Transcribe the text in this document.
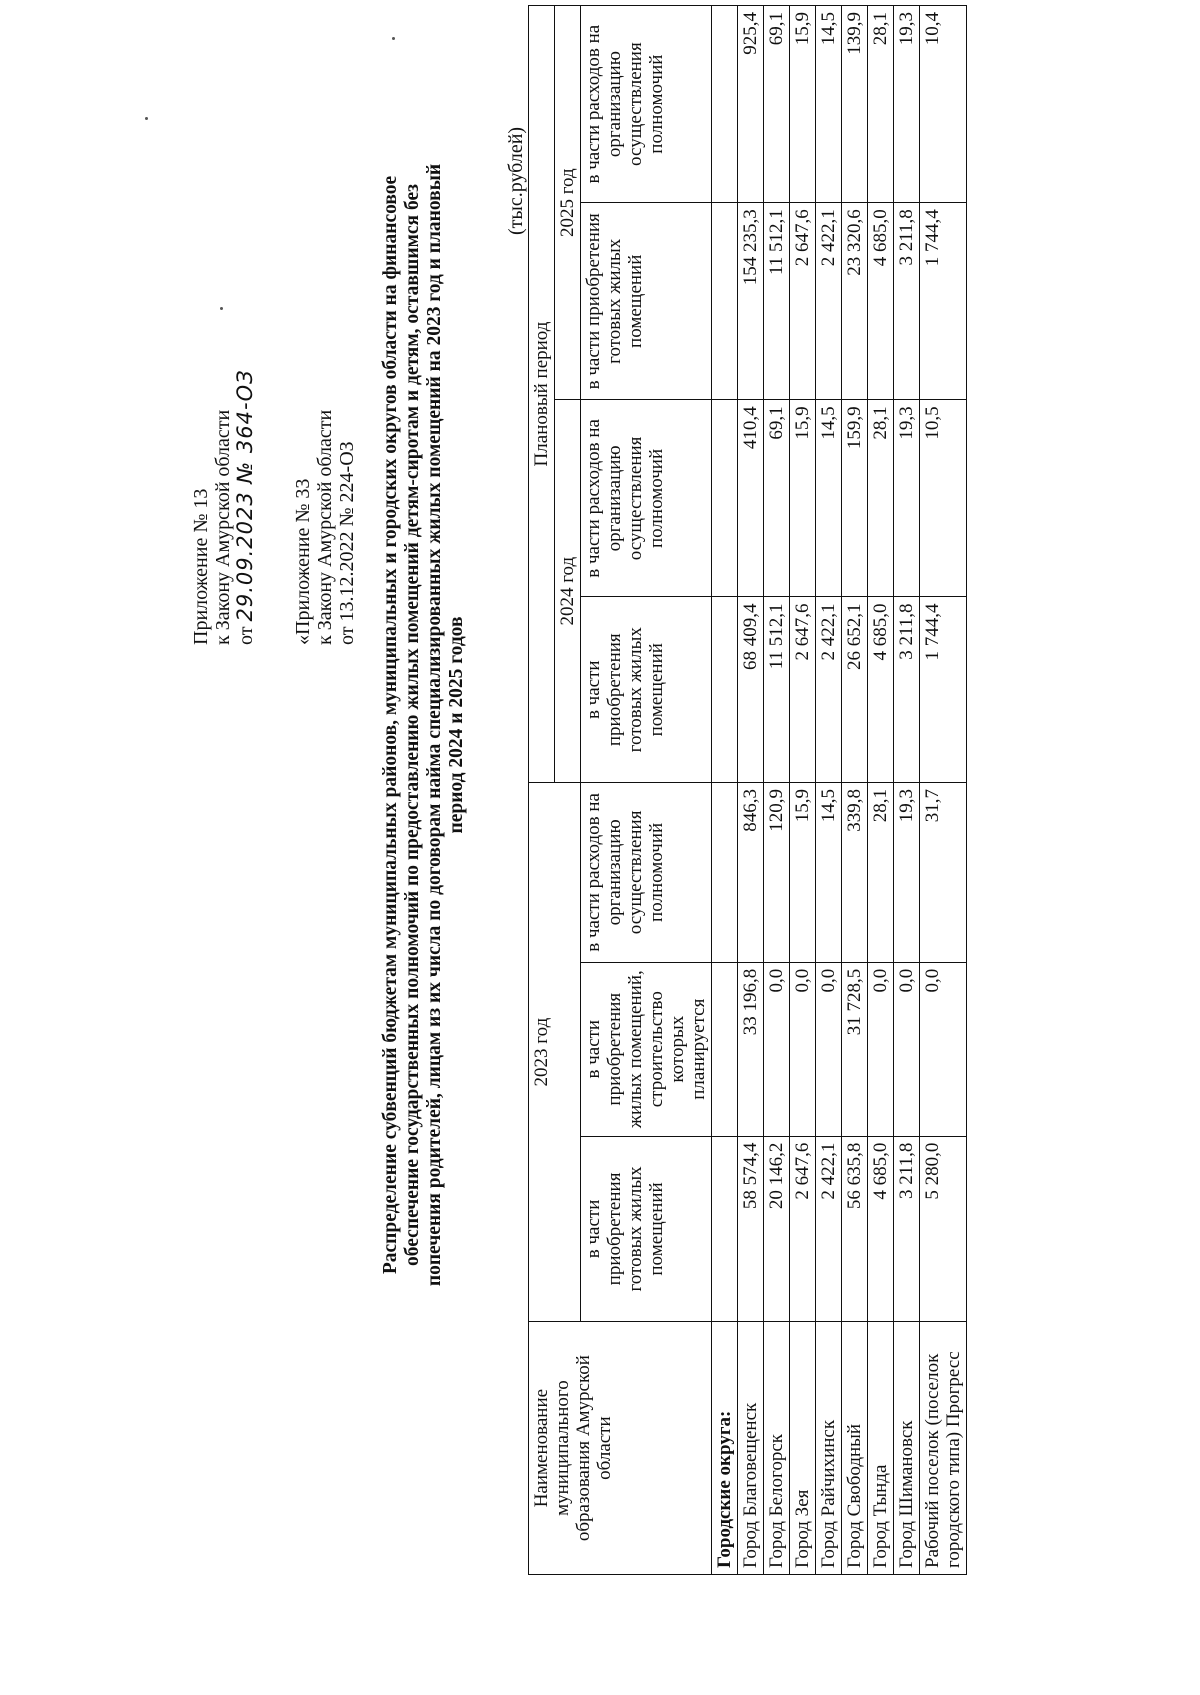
Приложение № 13 к Закону Амурской области от 29.09.2023 № 364-ОЗ «Приложение № 33 к Закону Амурской области от 13.12.2022 № 224-ОЗ Распределение субвенций бюджетам муниципальных районов, муниципальных и городских округов области на финансовое обеспечение государственных полномочий по предоставлению жилых помещений детям-сиротам и детям, оставшимся без попечения родителей, лицам из их числа по договорам найма специализированных жилых помещений на 2023 год и плановый период 2024 и 2025 годов
(тыс.рублей)
Наименование муниципального образования Амурской области	2023 год			Плановый период			
				2024 год		2025 год	
	в части приобретения готовых жилых помещений	в части приобретения жилых помещений, строительство которых планируется	в части расходов на организацию осуществления полномочий	в части приобретения готовых жилых помещений	в части расходов на организацию осуществления полномочий	в части приобретения готовых жилых помещений	в части расходов на организацию осуществления полномочий
Городские округа:							
Город Благовещенск	58 574,4	33 196,8	846,3	68 409,4	410,4	154 235,3	925,4
Город Белогорск	20 146,2	0,0	120,9	11 512,1	69,1	11 512,1	69,1
Город Зея	2 647,6	0,0	15,9	2 647,6	15,9	2 647,6	15,9
Город Райчихинск	2 422,1	0,0	14,5	2 422,1	14,5	2 422,1	14,5
Город Свободный	56 635,8	31 728,5	339,8	26 652,1	159,9	23 320,6	139,9
Город Тында	4 685,0	0,0	28,1	4 685,0	28,1	4 685,0	28,1
Город Шимановск	3 211,8	0,0	19,3	3 211,8	19,3	3 211,8	19,3
Рабочий поселок (поселок городского типа) Прогресс	5 280,0	0,0	31,7	1 744,4	10,5	1 744,4	10,4
